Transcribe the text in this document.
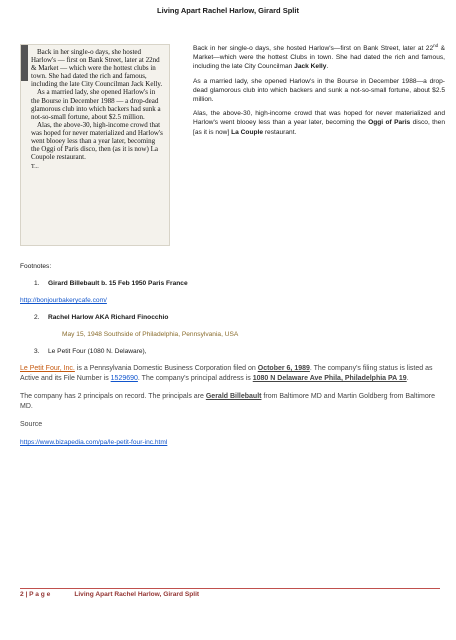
Living Apart Rachel Harlow, Girard Split

Back in her single-o days, she hosted Harlow's — first on Bank Street, later at 22nd & Market — which were the hottest clubs in town. She had dated the rich and famous, including the late City Councilman Jack Kelly.

As a married lady, she opened Harlow's in the Bourse in December 1988 — a drop-dead glamorous club into which backers had sunk a not-so-small fortune, about $2.5 million.

Alas, the above-30, high-income crowd that was hoped for never materialized and Harlow's went blooey less than a year later, becoming the Oggi of Paris disco, then (as it is now) La Coupole restaurant.

T...

Back in her single-o days, she hosted Harlow's—first on Bank Street, later at 22nd & Market—which were the hottest Clubs in town. She had dated the rich and famous, including the late City Councilman Jack Kelly.

As a married lady, she opened Harlow's in the Bourse in December 1988—a drop-dead glamorous club into which backers and sunk a not-so-small fortune, about $2.5 million.

Alas, the above-30, high-income crowd that was hoped for never materialized and Harlow's went blooey less than a year later, becoming the Oggi of Paris disco, then [as it is now] La Couple restaurant.

Footnotes:
1. Girard Billebault b. 15 Feb 1950 Paris France
http://bonjourbakerycafe.com/
2. Rachel Harlow AKA Richard Finocchio
May 15, 1948 Southside of Philadelphia, Pennsylvania, USA
3. Le Petit Four (1080 N. Delaware),
Le Petit Four, Inc. is a Pennsylvania Domestic Business Corporation filed on October 6, 1989. The company's filing status is listed as Active and its File Number is 1529690. The company's principal address is 1080 N Delaware Ave Phila, Philadelphia PA 19.
The company has 2 principals on record. The principals are Gerald Billebault from Baltimore MD and Martin Goldberg from Baltimore MD.
Source
https://www.bizapedia.com/pa/le-petit-four-inc.html
2 | P a g e	Living Apart Rachel Harlow, Girard Split
